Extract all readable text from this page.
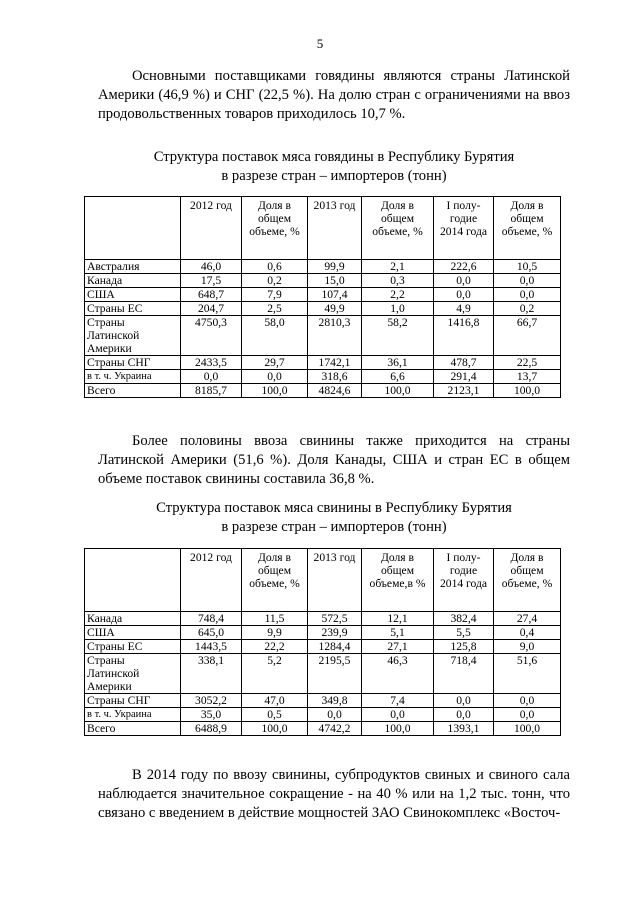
5

Основными поставщиками говядины являются страны Латинской Америки (46,9 %) и СНГ (22,5 %). На долю стран с ограничениями на ввоз продовольственных товаров приходилось 10,7 %.

Структура поставок мяса говядины в Республику Бурятия
в разрезе стран – импортеров (тонн)

	2012 год	Доля в общем объеме, %	2013 год	Доля в общем объеме, %	I полу-годие 2014 года	Доля в общем объеме, %
Австралия	46,0	0,6	99,9	2,1	222,6	10,5
Канада	17,5	0,2	15,0	0,3	0,0	0,0
США	648,7	7,9	107,4	2,2	0,0	0,0
Страны ЕС	204,7	2,5	49,9	1,0	4,9	0,2
Страны Латинской Америки	4750,3	58,0	2810,3	58,2	1416,8	66,7
Страны СНГ	2433,5	29,7	1742,1	36,1	478,7	22,5
в т. ч. Украина	0,0	0,0	318,6	6,6	291,4	13,7
Всего	8185,7	100,0	4824,6	100,0	2123,1	100,0

Более половины ввоза свинины также приходится на страны Латинской Америки (51,6 %). Доля Канады, США и стран ЕС в общем объеме поставок свинины составила 36,8 %.

Структура поставок мяса свинины в Республику Бурятия
в разрезе стран – импортеров (тонн)

	2012 год	Доля в общем объеме, %	2013 год	Доля в общем объеме,в %	I полу-годие 2014 года	Доля в общем объеме, %
Канада	748,4	11,5	572,5	12,1	382,4	27,4
США	645,0	9,9	239,9	5,1	5,5	0,4
Страны ЕС	1443,5	22,2	1284,4	27,1	125,8	9,0
Страны Латинской Америки	338,1	5,2	2195,5	46,3	718,4	51,6
Страны СНГ	3052,2	47,0	349,8	7,4	0,0	0,0
в т. ч. Украина	35,0	0,5	0,0	0,0	0,0	0,0
Всего	6488,9	100,0	4742,2	100,0	1393,1	100,0

В 2014 году по ввозу свинины, субпродуктов свиных и свиного сала наблюдается значительное сокращение - на 40 % или на 1,2 тыс. тонн, что связано с введением в действие мощностей ЗАО Свинокомплекс «Восточ-
